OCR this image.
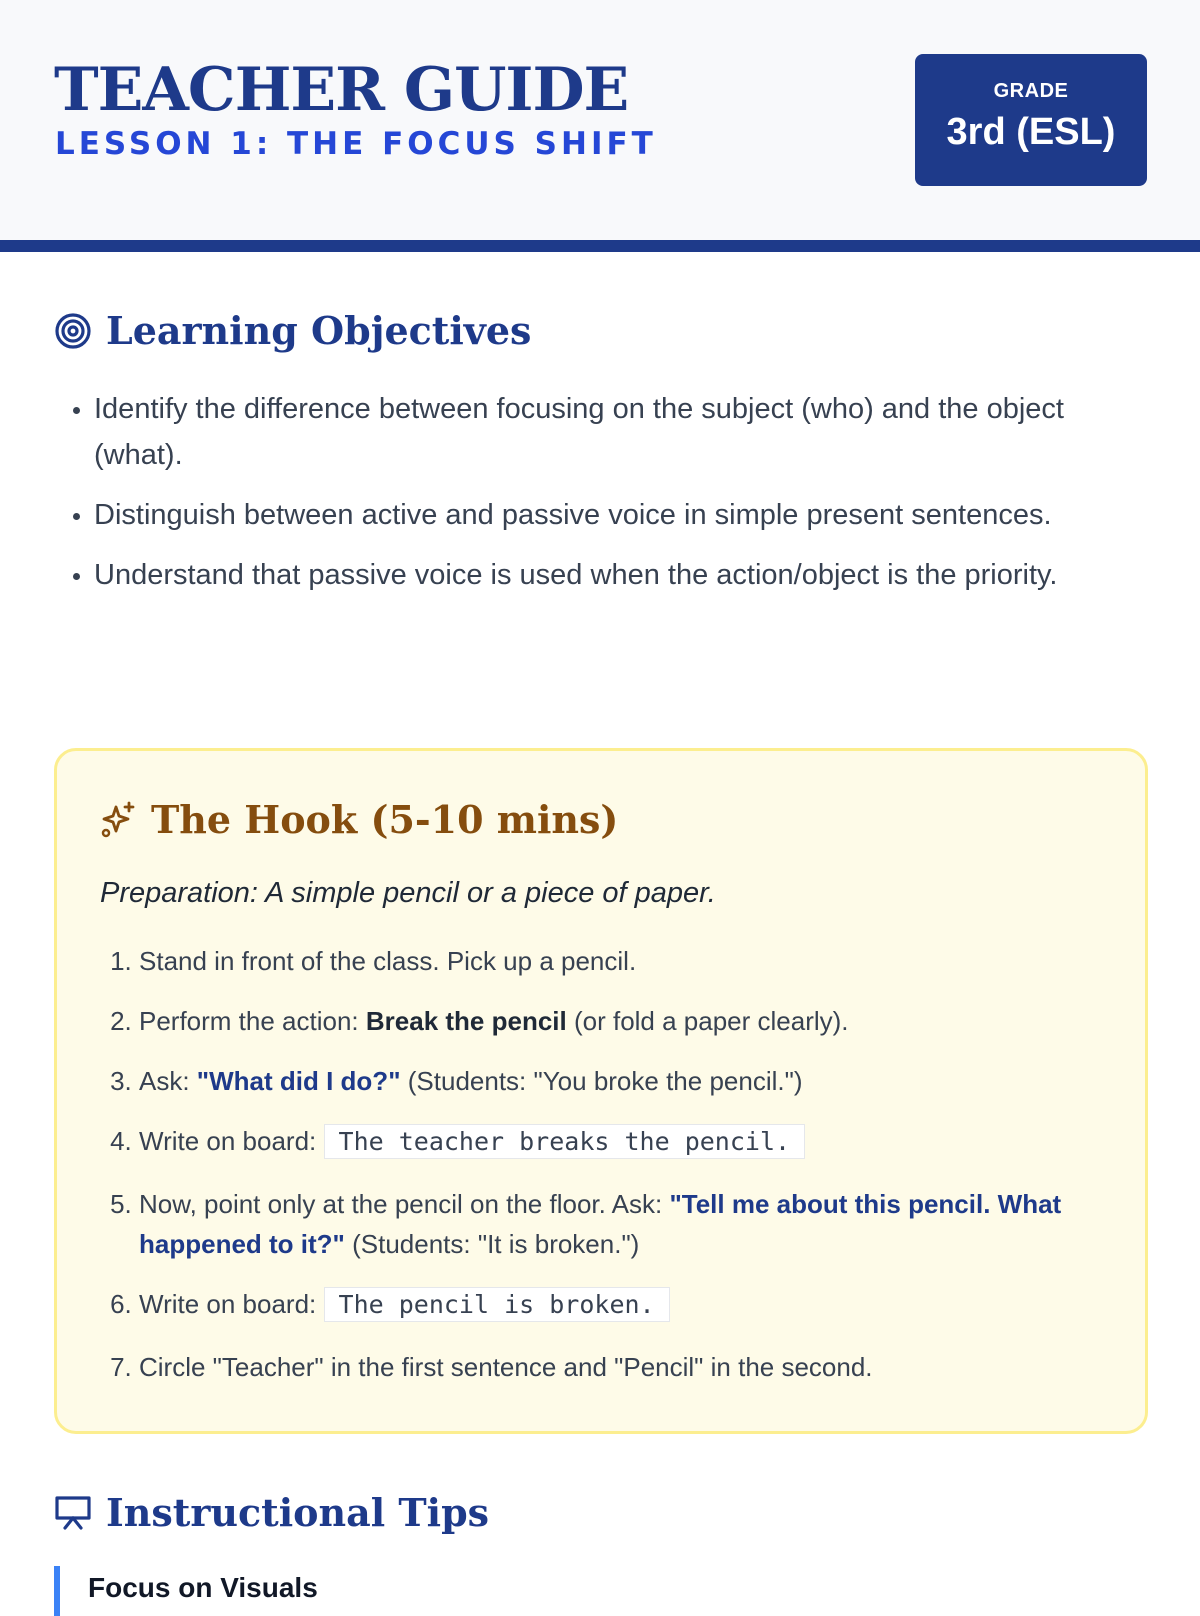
TEACHER GUIDE
LESSON 1: THE FOCUS SHIFT
GRADE
3rd (ESL)
Learning Objectives
• Identify the difference between focusing on the subject (who) and the object (what).
• Distinguish between active and passive voice in simple present sentences.
• Understand that passive voice is used when the action/object is the priority.
The Hook (5-10 mins)
Preparation: A simple pencil or a piece of paper.
1. Stand in front of the class. Pick up a pencil.
2. Perform the action: Break the pencil (or fold a paper clearly).
3. Ask: "What did I do?" (Students: "You broke the pencil.")
4. Write on board: The teacher breaks the pencil.
5. Now, point only at the pencil on the floor. Ask: "Tell me about this pencil. What happened to it?" (Students: "It is broken.")
6. Write on board: The pencil is broken.
7. Circle "Teacher" in the first sentence and "Pencil" in the second.
Instructional Tips
Focus on Visuals
